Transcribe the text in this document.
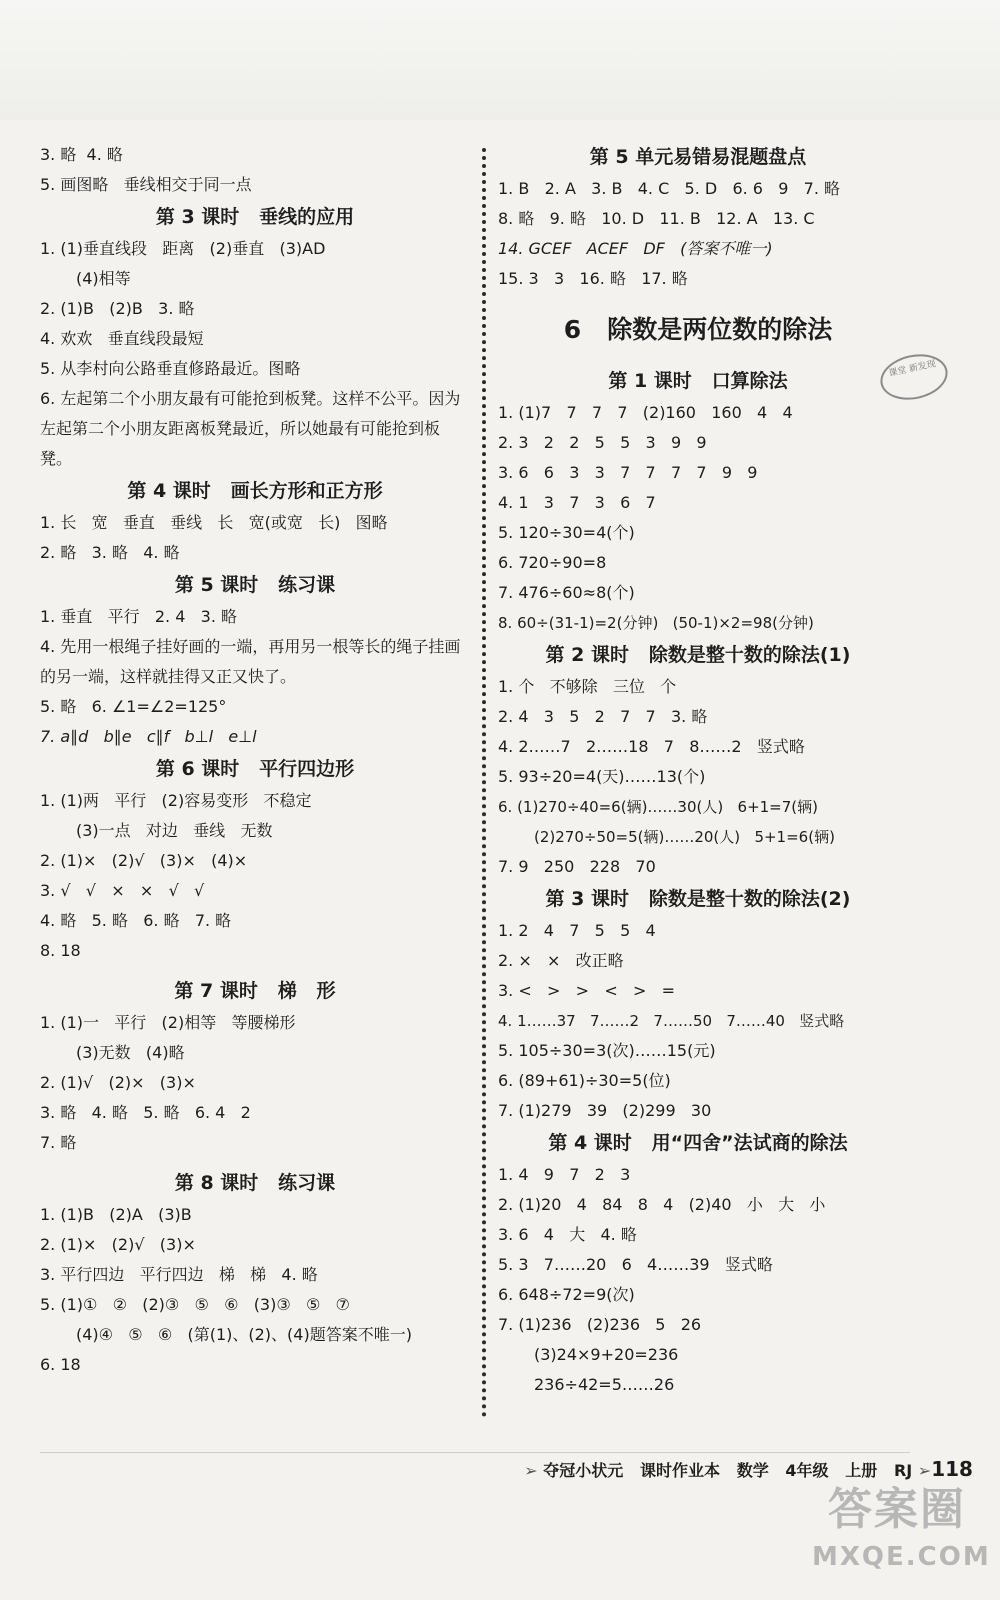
3. 略  4. 略
5. 画图略   垂线相交于同一点
第 3 课时   垂线的应用
1. (1)垂直线段   距离   (2)垂直   (3)AD
(4)相等
2. (1)B   (2)B   3. 略
4. 欢欢   垂直线段最短
5. 从李村向公路垂直修路最近。图略
6. 左起第二个小朋友最有可能抢到板凳。这样不公平。因为左起第二个小朋友距离板凳最近，所以她最有可能抢到板凳。
第 4 课时   画长方形和正方形
1. 长   宽   垂直   垂线   长   宽(或宽   长)   图略
2. 略   3. 略   4. 略
第 5 课时   练习课
1. 垂直   平行   2. 4   3. 略
4. 先用一根绳子挂好画的一端，再用另一根等长的绳子挂画的另一端，这样就挂得又正又快了。
5. 略   6. ∠1=∠2=125°
7. a∥d   b∥e   c∥f   b⊥l   e⊥l
第 6 课时   平行四边形
1. (1)两   平行   (2)容易变形   不稳定
(3)一点   对边   垂线   无数
2. (1)×   (2)√   (3)×   (4)×
3. √   √   ×   ×   √   √
4. 略   5. 略   6. 略   7. 略
8. 18
第 7 课时   梯   形
1. (1)一   平行   (2)相等   等腰梯形
(3)无数   (4)略
2. (1)√   (2)×   (3)×
3. 略   4. 略   5. 略   6. 4   2
7. 略
第 8 课时   练习课
1. (1)B   (2)A   (3)B
2. (1)×   (2)√   (3)×
3. 平行四边   平行四边   梯   梯   4. 略
5. (1)①   ②   (2)③   ⑤   ⑥   (3)③   ⑤   ⑦
(4)④   ⑤   ⑥   (第(1)、(2)、(4)题答案不唯一)
6. 18
第 5 单元易错易混题盘点
1. B   2. A   3. B   4. C   5. D   6. 6   9   7. 略
8. 略   9. 略   10. D   11. B   12. A   13. C
14. GCEF   ACEF   DF   (答案不唯一)
15. 3   3   16. 略   17. 略
6   除数是两位数的除法
第 1 课时   口算除法
1. (1)7   7   7   7   (2)160   160   4   4
2. 3   2   2   5   5   3   9   9
3. 6   6   3   3   7   7   7   7   9   9
4. 1   3   7   3   6   7
5. 120÷30=4(个)
6. 720÷90=8
7. 476÷60≈8(个)
8. 60÷(31-1)=2(分钟)   (50-1)×2=98(分钟)
第 2 课时   除数是整十数的除法(1)
1. 个   不够除   三位   个
2. 4   3   5   2   7   7   3. 略
4. 2……7   2……18   7   8……2   竖式略
5. 93÷20=4(天)……13(个)
6. (1)270÷40=6(辆)……30(人)   6+1=7(辆)
(2)270÷50=5(辆)……20(人)   5+1=6(辆)
7. 9   250   228   70
第 3 课时   除数是整十数的除法(2)
1. 2   4   7   5   5   4
2. ×   ×   改正略
3. <   >   >   <   >   =
4. 1……37   7……2   7……50   7……40   竖式略
5. 105÷30=3(次)……15(元)
6. (89+61)÷30=5(位)
7. (1)279   39   (2)299   30
第 4 课时   用“四舍”法试商的除法
1. 4   9   7   2   3
2. (1)20   4   84   8   4   (2)40   小   大   小
3. 6   4   大   4. 略
5. 3   7……20   6   4……39   竖式略
6. 648÷72=9(次)
7. (1)236   (2)236   5   26
(3)24×9+20=236
236÷42=5……26
课堂 新发现

➢ 夺冠小状元   课时作业本   数学   4年级   上册   RJ ➢118

答案圈
MXQE.COM
